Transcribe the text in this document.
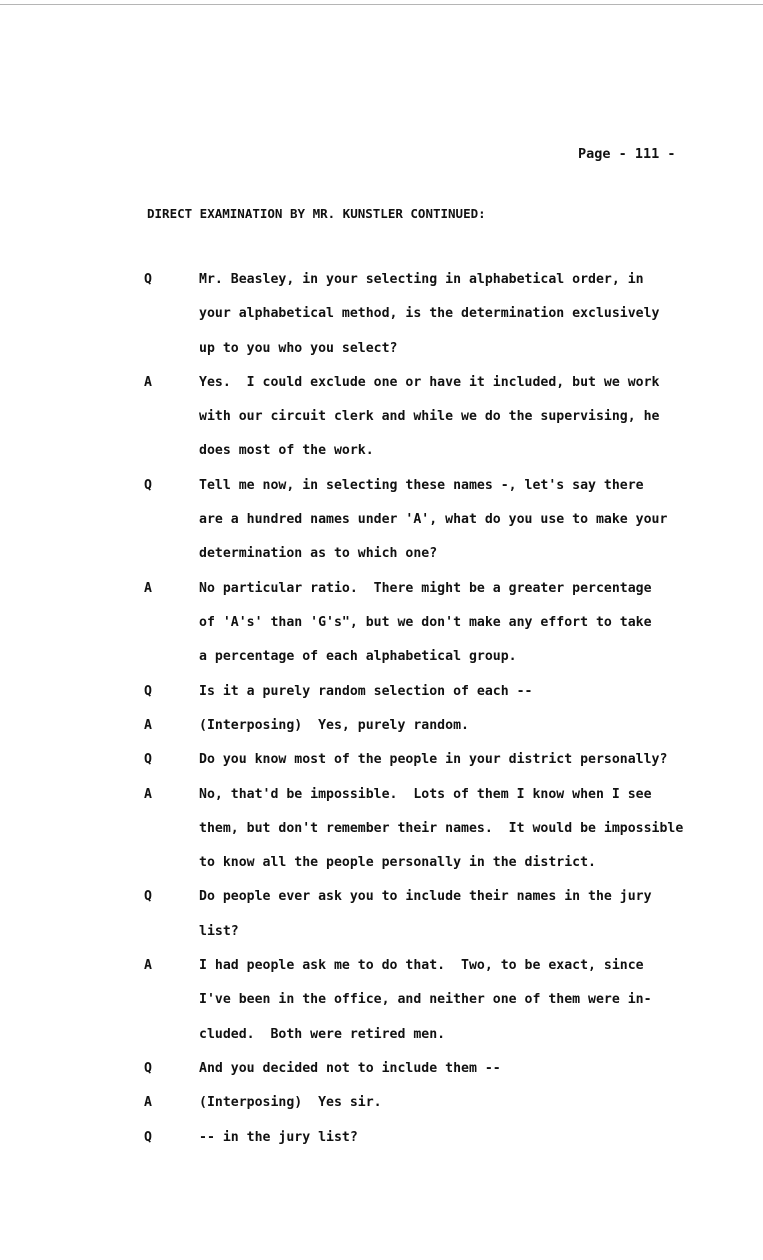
Page - 111 -
DIRECT EXAMINATION BY MR. KUNSTLER CONTINUED:
Q	Mr. Beasley, in your selecting in alphabetical order, in
your alphabetical method, is the determination exclusively
up to you who you select?
A	Yes.  I could exclude one or have it included, but we work
with our circuit clerk and while we do the supervising, he
does most of the work.
Q	Tell me now, in selecting these names -, let's say there
are a hundred names under 'A', what do you use to make your
determination as to which one?
A	No particular ratio.  There might be a greater percentage
of 'A's' than 'G's", but we don't make any effort to take
a percentage of each alphabetical group.
Q	Is it a purely random selection of each --
A	(Interposing)  Yes, purely random.
Q	Do you know most of the people in your district personally?
A	No, that'd be impossible.  Lots of them I know when I see
them, but don't remember their names.  It would be impossible
to know all the people personally in the district.
Q	Do people ever ask you to include their names in the jury
list?
A	I had people ask me to do that.  Two, to be exact, since
I've been in the office, and neither one of them were in-
cluded.  Both were retired men.
Q	And you decided not to include them --
A	(Interposing)  Yes sir.
Q	-- in the jury list?
